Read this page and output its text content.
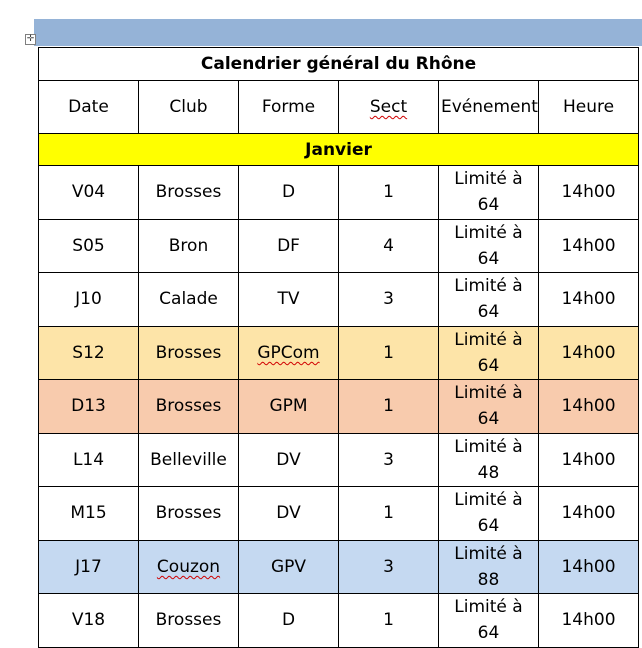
✛
Calendrier général du Rhône					
Date	Club	Forme	Sect	Evénement	Heure
Janvier					
V04	Brosses	D	1	Limité à 64	14h00
S05	Bron	DF	4	Limité à 64	14h00
J10	Calade	TV	3	Limité à 64	14h00
S12	Brosses	GPCom	1	Limité à 64	14h00
D13	Brosses	GPM	1	Limité à 64	14h00
L14	Belleville	DV	3	Limité à 48	14h00
M15	Brosses	DV	1	Limité à 64	14h00
J17	Couzon	GPV	3	Limité à 88	14h00
V18	Brosses	D	1	Limité à 64	14h00
